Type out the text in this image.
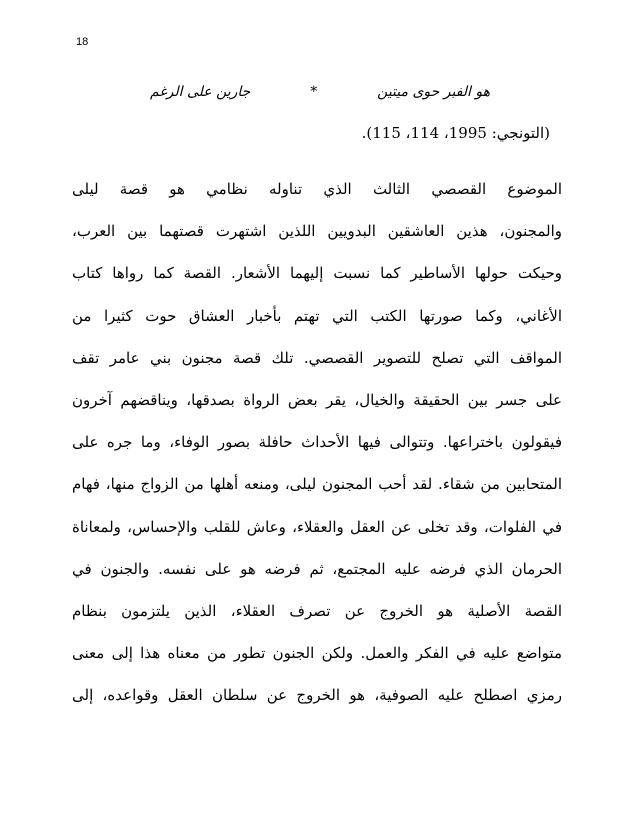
18
هو الفبر حوى ميتين
*
جارين على الرغم
(التونجي: 1995، 114، 115).
الموضوع القصصي الثالث الذي تناوله نظامي هو قصة ليلى
والمجنون، هذين العاشقين البدويين اللذين اشتهرت قصتهما بين العرب،
وحيكت حولها الأساطير كما نسبت إليهما الأشعار. القصة كما رواها كتاب
الأغاني، وكما صورتها الكتب التي تهتم بأخبار العشاق حوت كثيرا من
المواقف التي تصلح للتصوير القصصي. تلك قصة مجنون بني عامر تقف
على جسر بين الحقيقة والخيال، يقر بعض الرواة بصدقها، ويناقضهم آخرون
فيقولون باختراعها. وتتوالى فيها الأحداث حافلة بصور الوفاء، وما جره على
المتحابين من شقاء. لقد أحب المجنون ليلى، ومنعه أهلها من الزواج منها، فهام
في الفلوات، وقد تخلى عن العقل والعقلاء، وعاش للقلب والإحساس، ولمعاناة
الحرمان الذي فرضه عليه المجتمع، ثم فرضه هو على نفسه. والجنون في
القصة الأصلية هو الخروج عن تصرف العقلاء، الذين يلتزمون بنظام
متواضع عليه في الفكر والعمل. ولكن الجنون تطور من معناه هذا إلى معنى
رمزي اصطلح عليه الصوفية، هو الخروج عن سلطان العقل وقواعده، إلى
